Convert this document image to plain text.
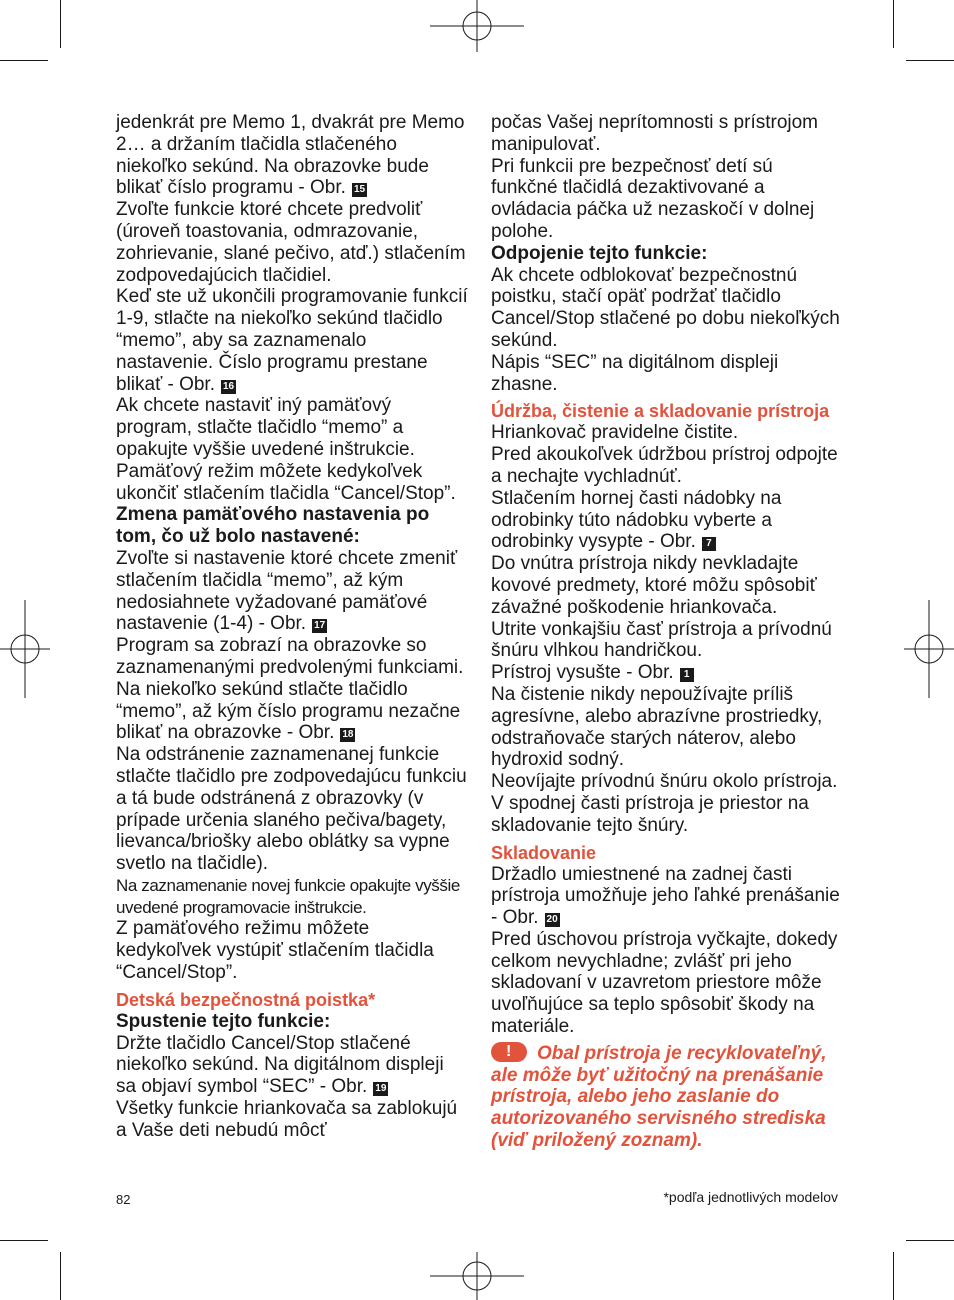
jedenkrát pre Memo 1, dvakrát pre Memo 2… a držaním tlačidla stlačeného niekoľko sekúnd. Na obrazovke bude blikať číslo programu - Obr. 15

Zvoľte funkcie ktoré chcete predvoliť (úroveň toastovania, odmrazovanie, zohrievanie, slané pečivo, atď.) stlačením zodpovedajúcich tlačidiel.

Keď ste už ukončili programovanie funkcií 1-9, stlačte na niekoľko sekúnd tlačidlo “memo”, aby sa zaznamenalo nastavenie. Číslo programu prestane blikať - Obr. 16

Ak chcete nastaviť iný pamäťový program, stlačte tlačidlo “memo” a opakujte vyššie uvedené inštrukcie.

Pamäťový režim môžete kedykoľvek ukončiť stlačením tlačidla “Cancel/Stop”.

Zmena pamäťového nastavenia po tom, čo už bolo nastavené:

Zvoľte si nastavenie ktoré chcete zmeniť stlačením tlačidla “memo”, až kým nedosiahnete vyžadované pamäťové nastavenie (1-4) - Obr. 17

Program sa zobrazí na obrazovke so zaznamenanými predvolenými funkciami.

Na niekoľko sekúnd stlačte tlačidlo “memo”, až kým číslo programu nezačne blikať na obrazovke - Obr. 18

Na odstránenie zaznamenanej funkcie stlačte tlačidlo pre zodpovedajúcu funkciu a tá bude odstránená z obrazovky (v prípade určenia slaného pečiva/bagety, lievanca/briošky alebo oblátky sa vypne svetlo na tlačidle).

Na zaznamenanie novej funkcie opakujte vyššie uvedené programovacie inštrukcie.

Z pamäťového režimu môžete kedykoľvek vystúpiť stlačením tlačidla “Cancel/Stop”.

Detská bezpečnostná poistka*

Spustenie tejto funkcie:

Držte tlačidlo Cancel/Stop stlačené niekoľko sekúnd. Na digitálnom displeji sa objaví symbol “SEC” - Obr. 19

Všetky funkcie hriankovača sa zablokujú a Vaše deti nebudú môcť

počas Vašej neprítomnosti s prístrojom manipulovať.

Pri funkcii pre bezpečnosť detí sú funkčné tlačidlá dezaktivované a ovládacia páčka už nezaskočí v dolnej polohe.

Odpojenie tejto funkcie:

Ak chcete odblokovať bezpečnostnú poistku, stačí opäť podržať tlačidlo Cancel/Stop stlačené po dobu niekoľkých sekúnd.

Nápis “SEC” na digitálnom displeji zhasne.

Údržba, čistenie a skladovanie prístroja

Hriankovač pravidelne čistite.

Pred akoukoľvek údržbou prístroj odpojte a nechajte vychladnúť.

Stlačením hornej časti nádobky na odrobinky túto nádobku vyberte a odrobinky vysypte - Obr. 7

Do vnútra prístroja nikdy nevkladajte kovové predmety, ktoré môžu spôsobiť závažné poškodenie hriankovača.

Utrite vonkajšiu časť prístroja a prívodnú šnúru vlhkou handričkou.

Prístroj vysušte - Obr. 1

Na čistenie nikdy nepoužívajte príliš agresívne, alebo abrazívne prostriedky, odstraňovače starých náterov, alebo hydroxid sodný.

Neovíjajte prívodnú šnúru okolo prístroja. V spodnej časti prístroja je priestor na skladovanie tejto šnúry.

Skladovanie

Držadlo umiestnené na zadnej časti prístroja umožňuje jeho ľahké prenášanie - Obr. 20

Pred úschovou prístroja vyčkajte, dokedy celkom nevychladne; zvlášť pri jeho skladovaní v uzavretom priestore môže uvoľňujúce sa teplo spôsobiť škody na materiále.

! Obal prístroja je recyklovateľný, ale môže byť užitočný na prenášanie prístroja, alebo jeho zaslanie do autorizovaného servisného strediska (viď priložený zoznam).

82	*podľa jednotlivých modelov
